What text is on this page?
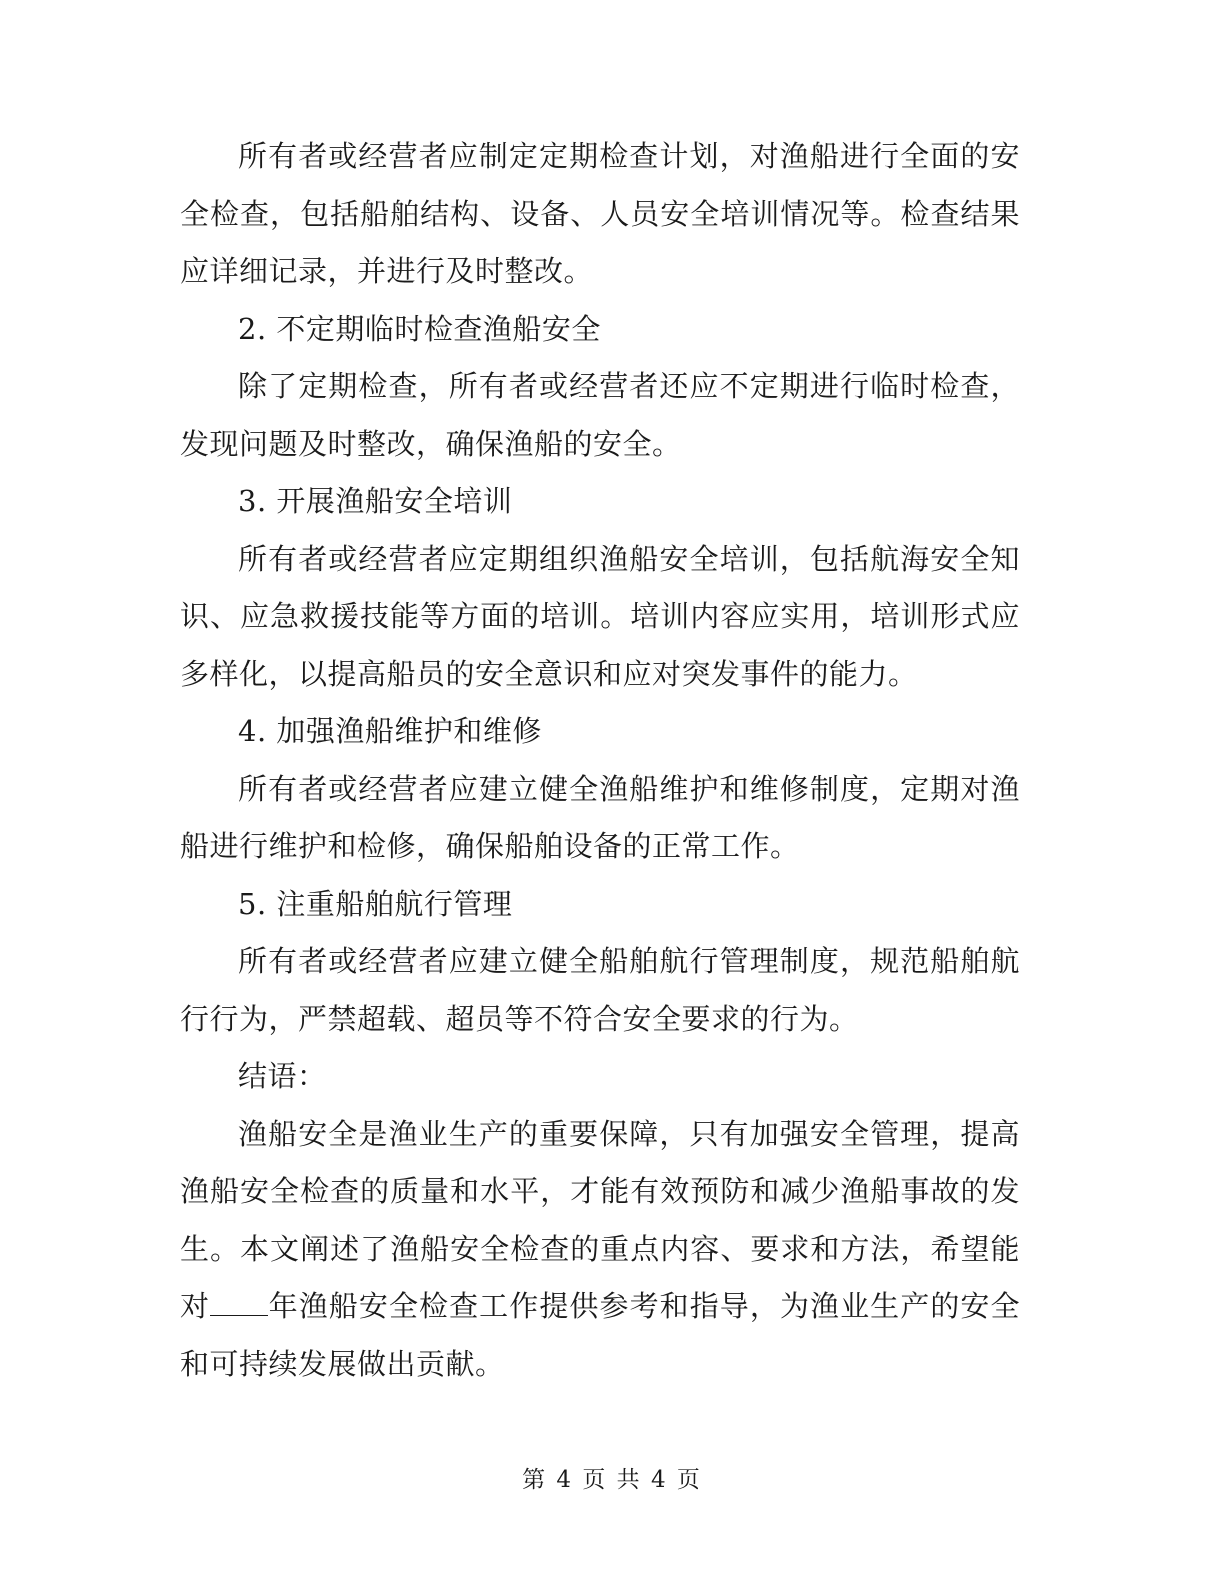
所有者或经营者应制定定期检查计划，对渔船进行全面的安全检查，包括船舶结构、设备、人员安全培训情况等。检查结果应详细记录，并进行及时整改。

2. 不定期临时检查渔船安全

除了定期检查，所有者或经营者还应不定期进行临时检查，发现问题及时整改，确保渔船的安全。

3. 开展渔船安全培训

所有者或经营者应定期组织渔船安全培训，包括航海安全知识、应急救援技能等方面的培训。培训内容应实用，培训形式应多样化，以提高船员的安全意识和应对突发事件的能力。

4. 加强渔船维护和维修

所有者或经营者应建立健全渔船维护和维修制度，定期对渔船进行维护和检修，确保船舶设备的正常工作。

5. 注重船舶航行管理

所有者或经营者应建立健全船舶航行管理制度，规范船舶航行行为，严禁超载、超员等不符合安全要求的行为。

结语：

渔船安全是渔业生产的重要保障，只有加强安全管理，提高渔船安全检查的质量和水平，才能有效预防和减少渔船事故的发生。本文阐述了渔船安全检查的重点内容、要求和方法，希望能对 年渔船安全检查工作提供参考和指导，为渔业生产的安全和可持续发展做出贡献。

第 4 页 共 4 页
